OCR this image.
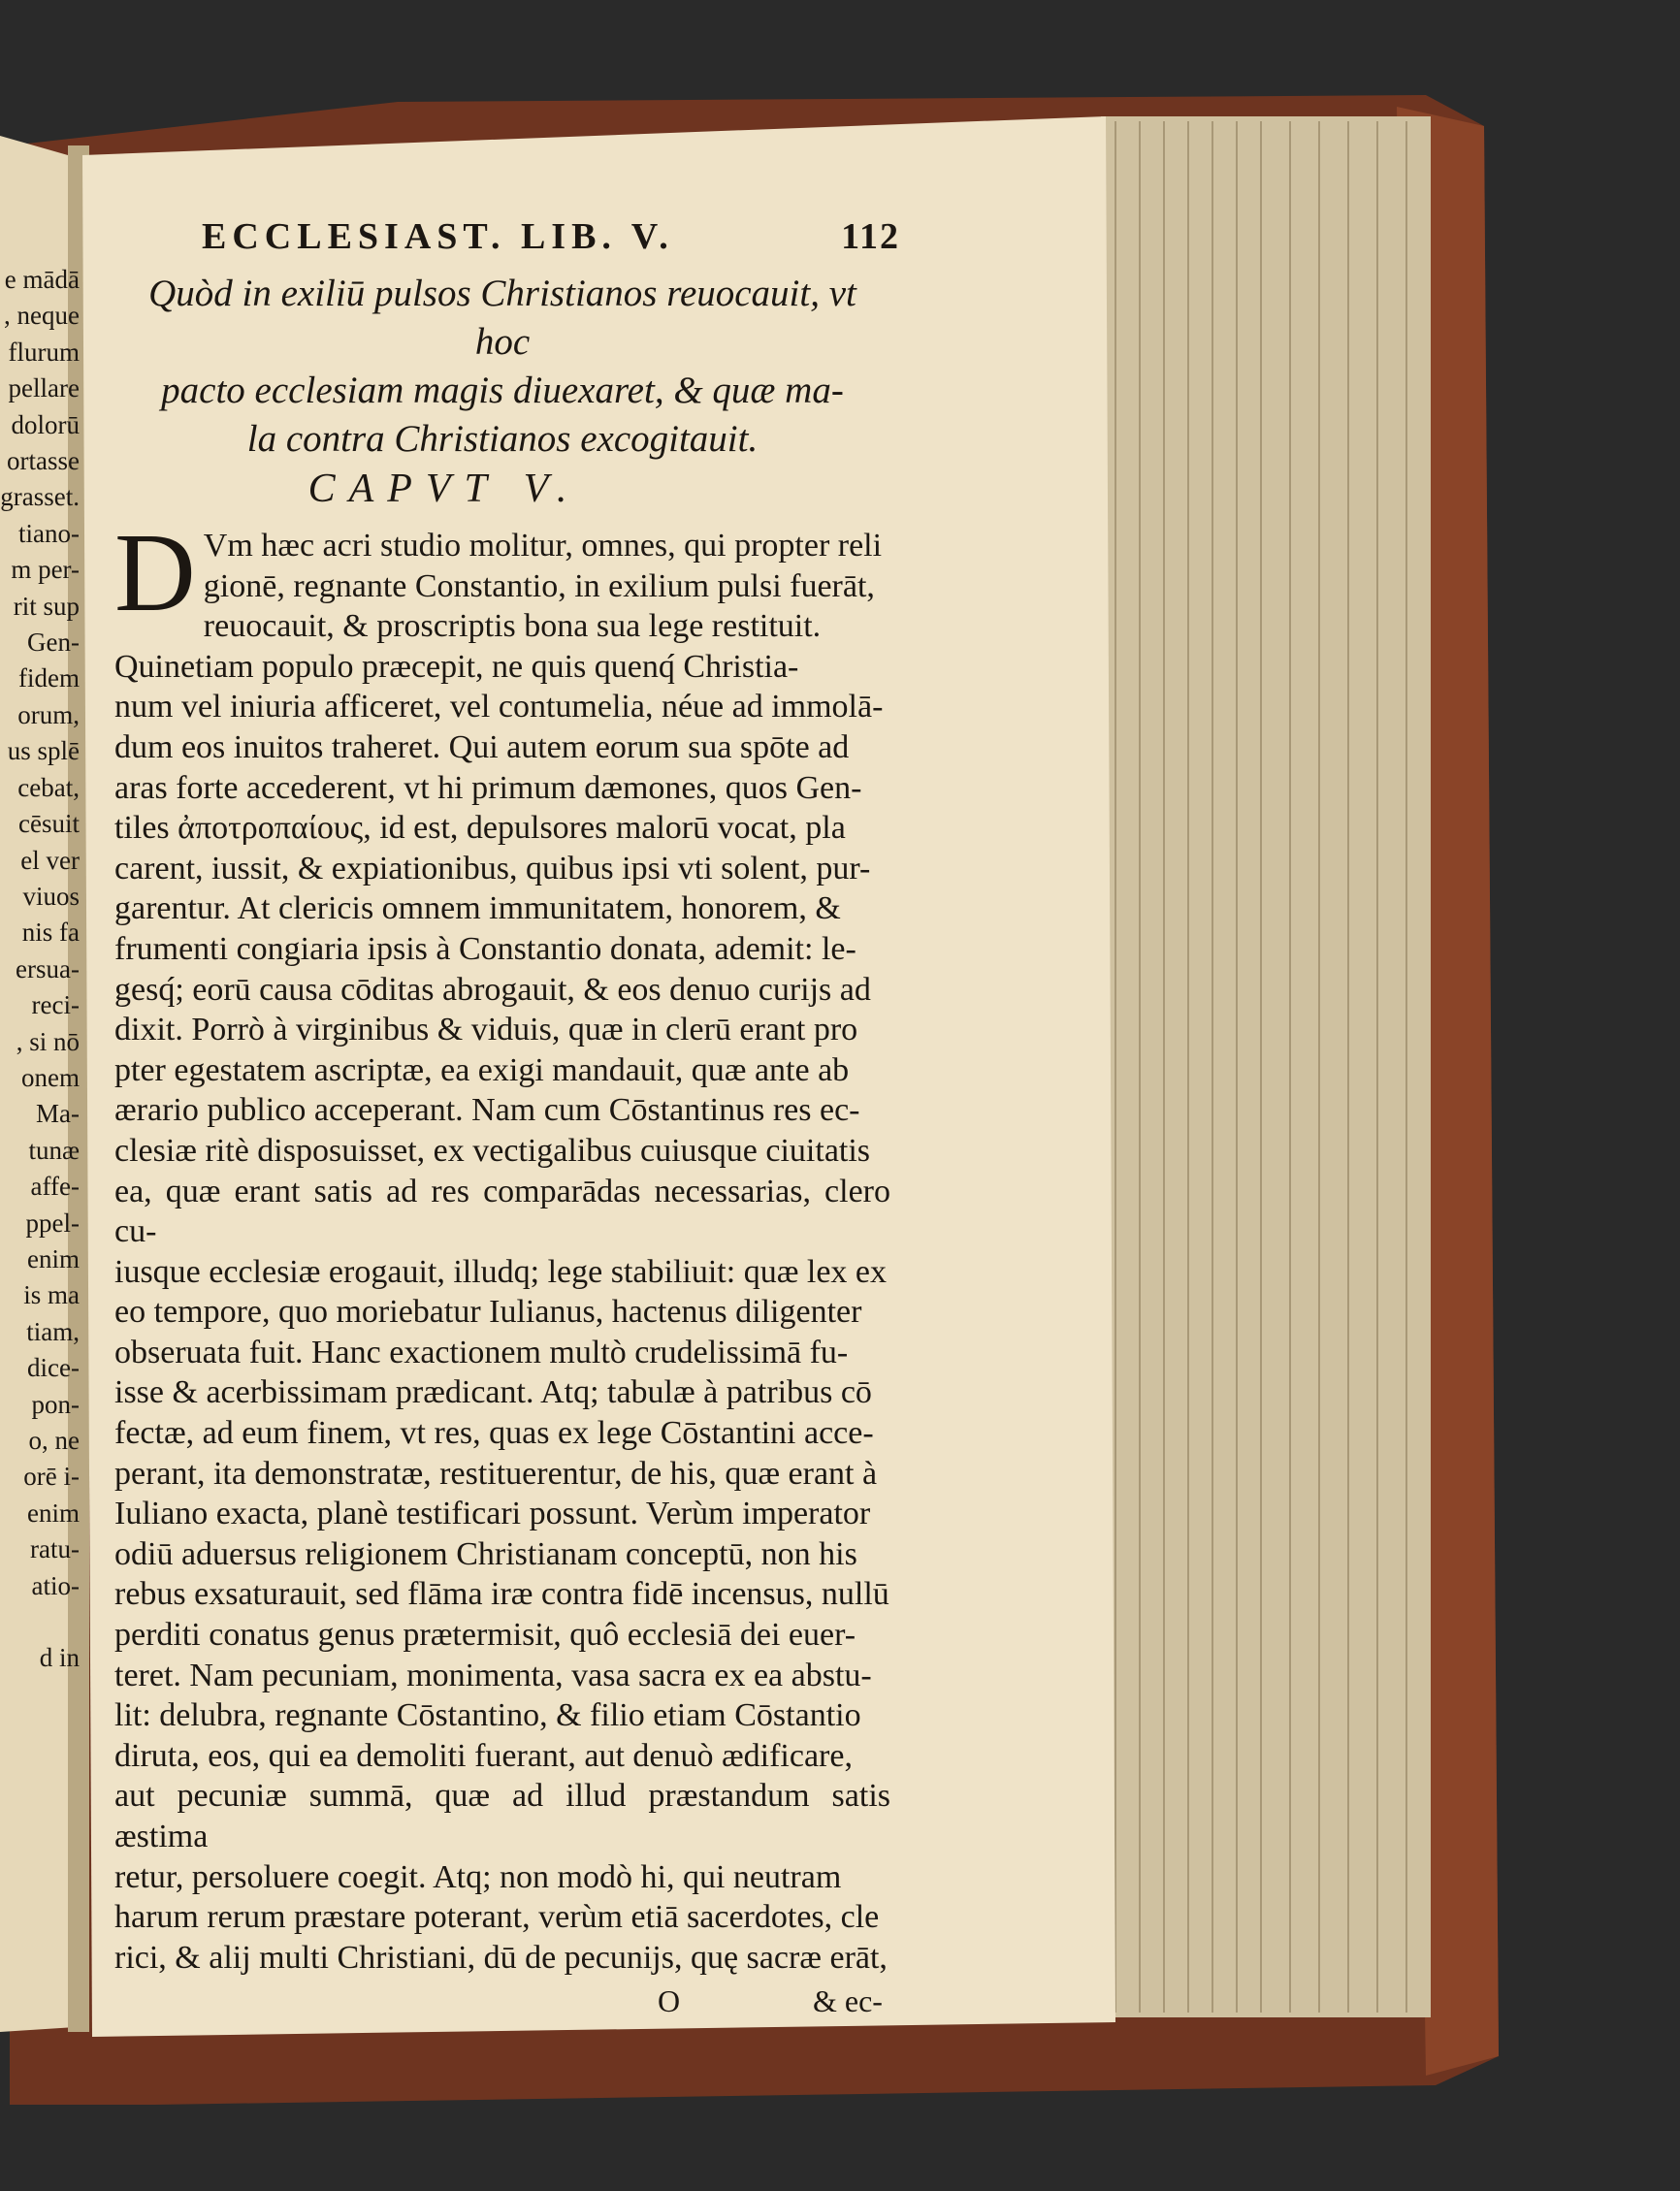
e mādā
, neque
flurum
pellare
dolorū
ortasse
grasset.
tiano-
m per-
rit sup
Gen-
fidem
orum,
us splē
cebat,
cēsuit
el ver
viuos
nis fa
ersua-
reci-
, si nō
onem
Ma-
tunæ
affe-
ppel-
enim
is ma
tiam,
dice-
pon-
o, ne
orē i-
enim
ratu-
atio-

d in
ECCLESIAST. LIB. V.	112
Quòd in exiliū pulsos Christianos reuocauit, vt hoc
pacto ecclesiam magis diuexaret, & quæ ma-
la contra Christianos excogitauit.
CAPVT V.
D Vm hæc acri studio molitur, omnes, qui propter reli
gionē, regnante Constantio, in exilium pulsi fuerāt,
reuocauit, & proscriptis bona sua lege restituit.
Quinetiam populo præcepit, ne quis quenq́ Christia-
num vel iniuria afficeret, vel contumelia, néue ad immolā-
dum eos inuitos traheret. Qui autem eorum sua spōte ad
aras forte accederent, vt hi primum dæmones, quos Gen-
tiles ἀποτροπαίους, id est, depulsores malorū vocat, pla
carent, iussit, & expiationibus, quibus ipsi vti solent, pur-
garentur. At clericis omnem immunitatem, honorem, &
frumenti congiaria ipsis à Constantio donata, ademit: le-
gesq́; eorū causa cōditas abrogauit, & eos denuo curijs ad
dixit. Porrò à virginibus & viduis, quæ in clerū erant pro
pter egestatem ascriptæ, ea exigi mandauit, quæ ante ab
ærario publico acceperant. Nam cum Cōstantinus res ec-
clesiæ ritè disposuisset, ex vectigalibus cuiusque ciuitatis
ea, quæ erant satis ad res comparādas necessarias, clero cu-
iusque ecclesiæ erogauit, illudq; lege stabiliuit: quæ lex ex
eo tempore, quo moriebatur Iulianus, hactenus diligenter
obseruata fuit. Hanc exactionem multò crudelissimā fu-
isse & acerbissimam prædicant. Atq; tabulæ à patribus cō
fectæ, ad eum finem, vt res, quas ex lege Cōstantini acce-
perant, ita demonstratæ, restituerentur, de his, quæ erant à
Iuliano exacta, planè testificari possunt. Verùm imperator
odiū aduersus religionem Christianam conceptū, non his
rebus exsaturauit, sed flāma iræ contra fidē incensus, nullū
perditi conatus genus prætermisit, quô ecclesiā dei euer-
teret. Nam pecuniam, monimenta, vasa sacra ex ea abstu-
lit: delubra, regnante Cōstantino, & filio etiam Cōstantio
diruta, eos, qui ea demoliti fuerant, aut denuò ædificare,
aut pecuniæ summā, quæ ad illud præstandum satis æstima
retur, persoluere coegit. Atq; non modò hi, qui neutram
harum rerum præstare poterant, verùm etiā sacerdotes, cle
rici, & alij multi Christiani, dū de pecunijs, quę sacræ erāt,
O	& ec-
